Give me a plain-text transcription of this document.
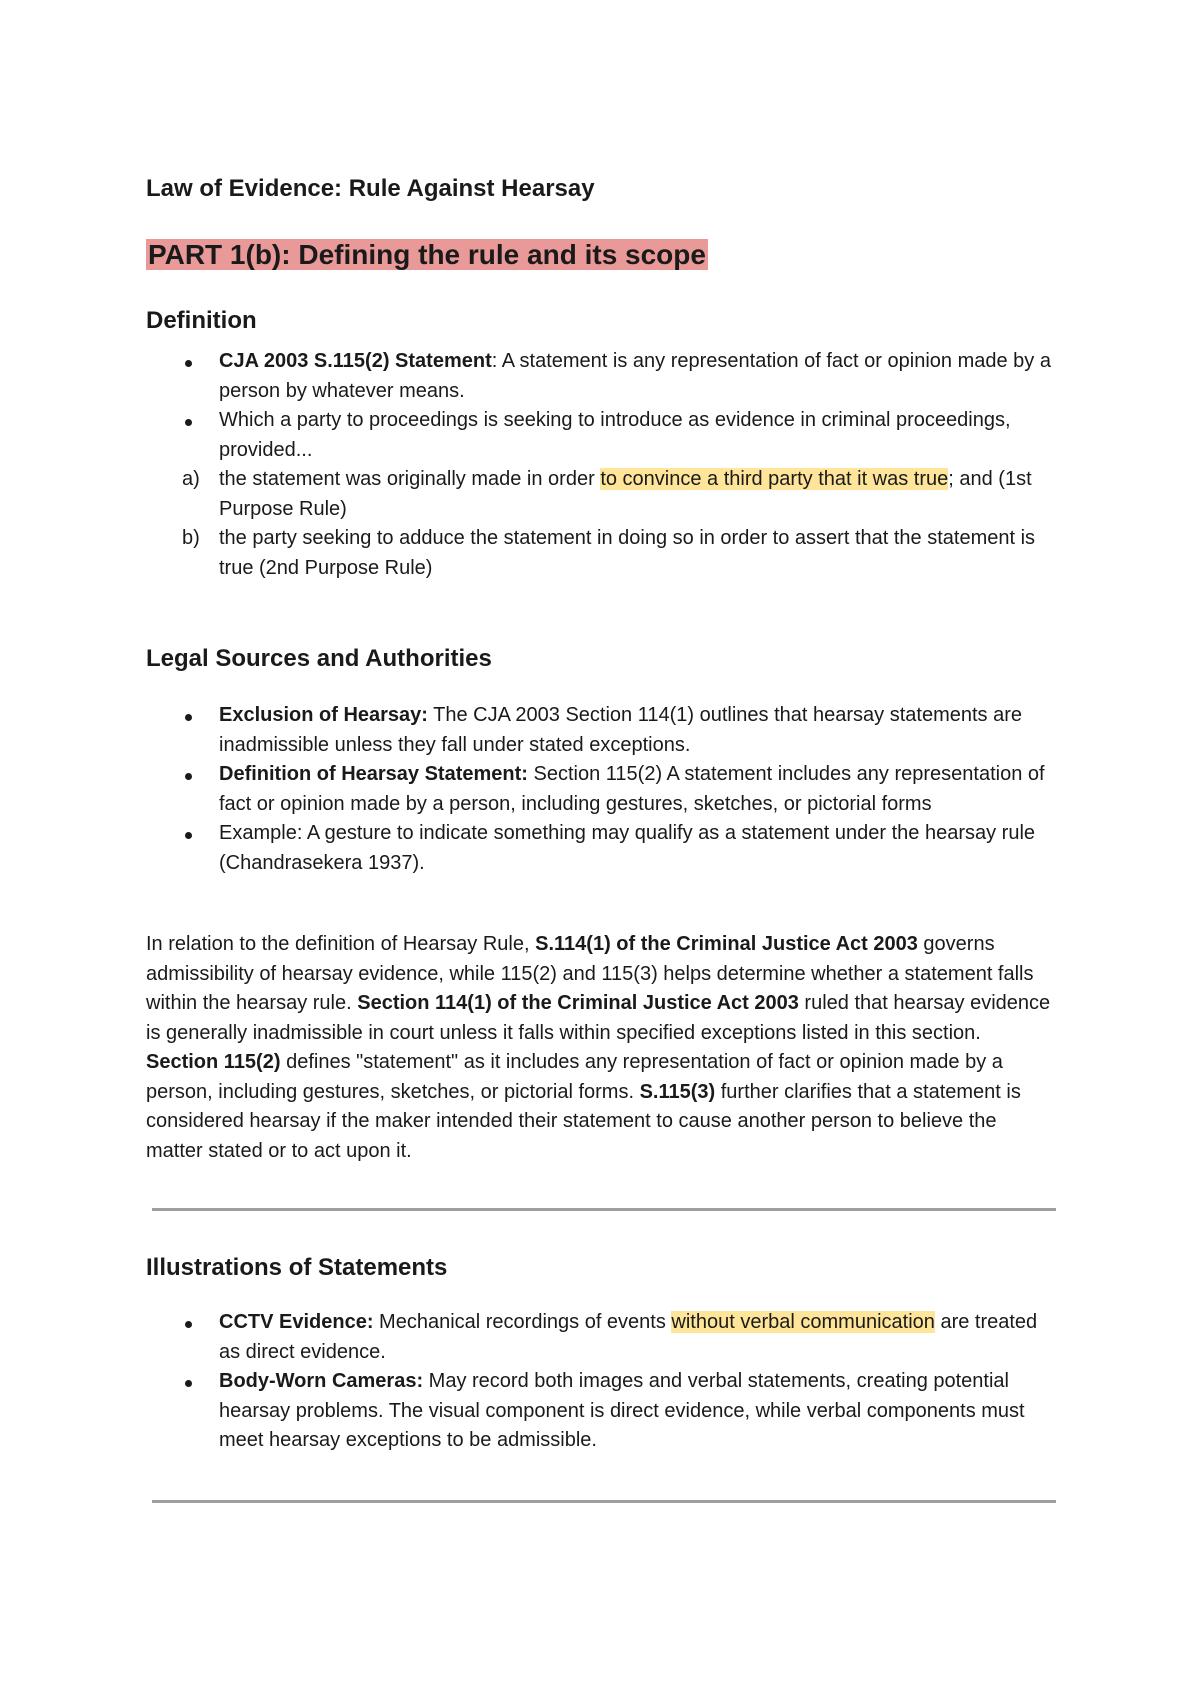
Law of Evidence: Rule Against Hearsay
PART 1(b): Defining the rule and its scope
Definition
CJA 2003 S.115(2) Statement: A statement is any representation of fact or opinion made by a person by whatever means.
Which a party to proceedings is seeking to introduce as evidence in criminal proceedings, provided...
a) the statement was originally made in order to convince a third party that it was true; and (1st Purpose Rule)
b) the party seeking to adduce the statement in doing so in order to assert that the statement is true (2nd Purpose Rule)
Legal Sources and Authorities
Exclusion of Hearsay: The CJA 2003 Section 114(1) outlines that hearsay statements are inadmissible unless they fall under stated exceptions.
Definition of Hearsay Statement: Section 115(2) A statement includes any representation of fact or opinion made by a person, including gestures, sketches, or pictorial forms
Example: A gesture to indicate something may qualify as a statement under the hearsay rule (Chandrasekera 1937).

In relation to the definition of Hearsay Rule, S.114(1) of the Criminal Justice Act 2003 governs admissibility of hearsay evidence, while 115(2) and 115(3) helps determine whether a statement falls within the hearsay rule. Section 114(1) of the Criminal Justice Act 2003 ruled that hearsay evidence is generally inadmissible in court unless it falls within specified exceptions listed in this section. Section 115(2) defines "statement" as it includes any representation of fact or opinion made by a person, including gestures, sketches, or pictorial forms. S.115(3) further clarifies that a statement is considered hearsay if the maker intended their statement to cause another person to believe the matter stated or to act upon it.

Illustrations of Statements
CCTV Evidence: Mechanical recordings of events without verbal communication are treated as direct evidence.
Body-Worn Cameras: May record both images and verbal statements, creating potential hearsay problems. The visual component is direct evidence, while verbal components must meet hearsay exceptions to be admissible.
